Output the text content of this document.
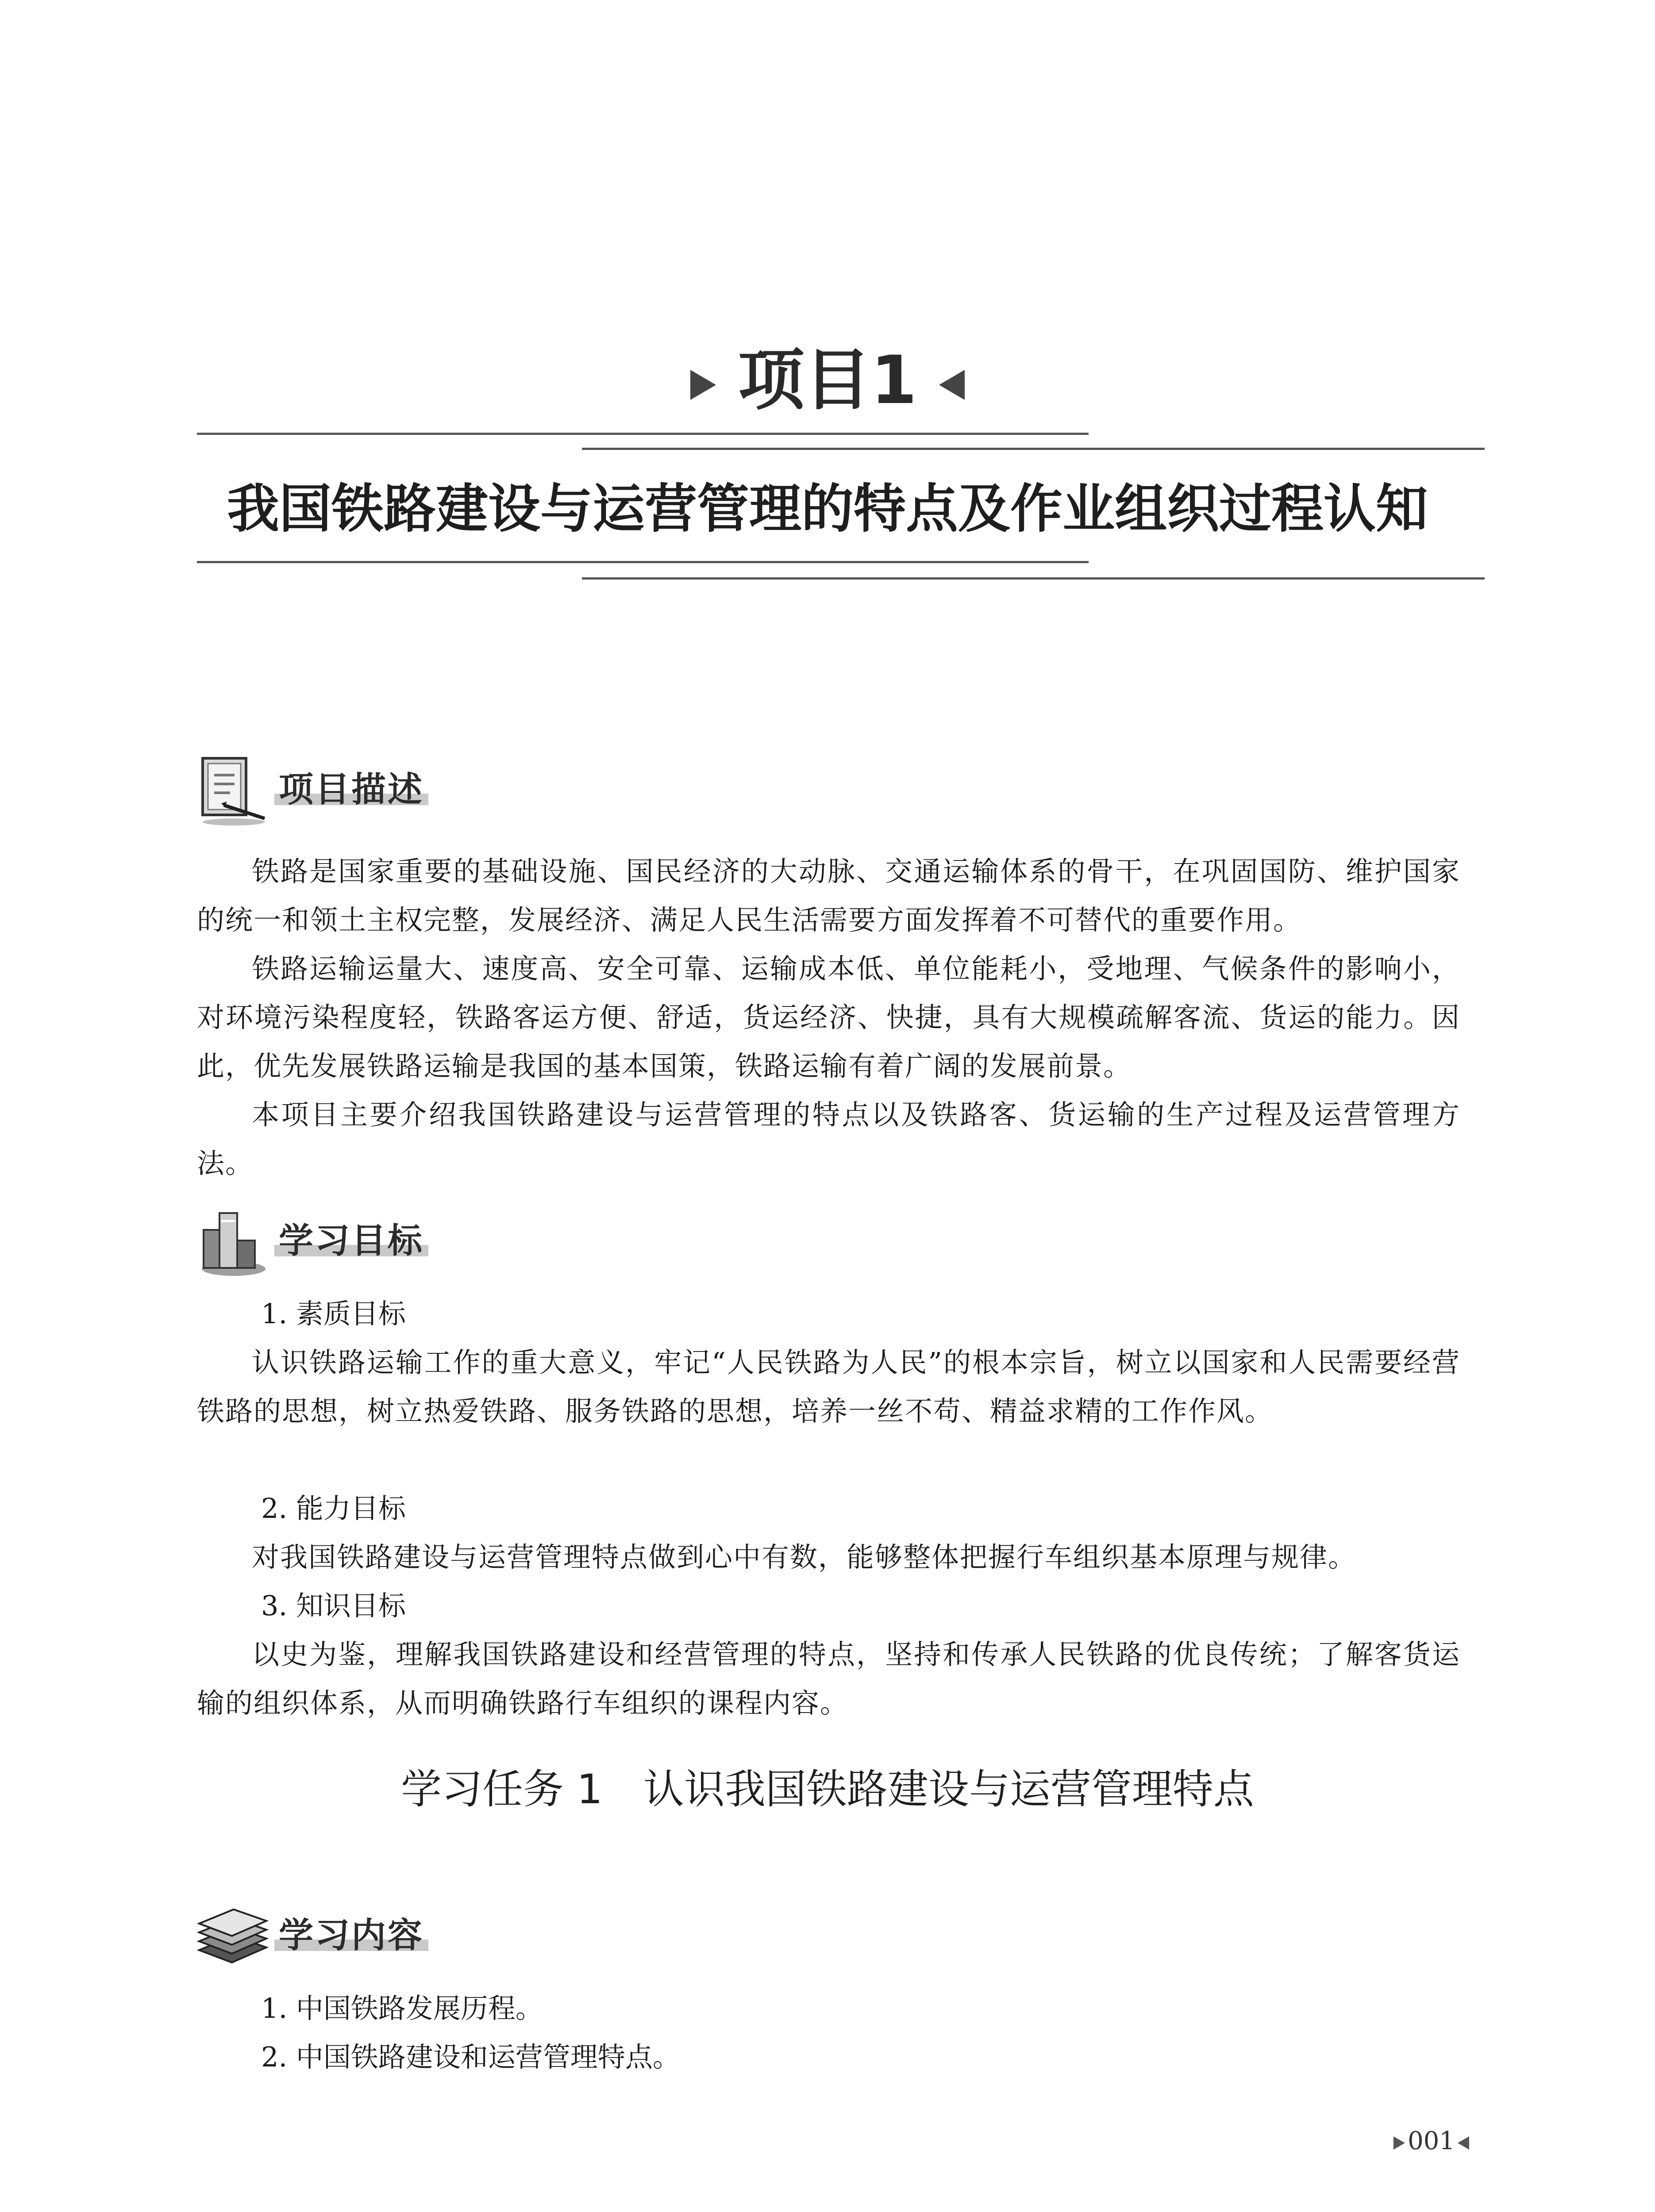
项目1
我国铁路建设与运营管理的特点及作业组织过程认知
项目描述

铁路是国家重要的基础设施、国民经济的大动脉、交通运输体系的骨干，在巩固国防、维护国家的统一和领土主权完整，发展经济、满足人民生活需要方面发挥着不可替代的重要作用。

铁路运输运量大、速度高、安全可靠、运输成本低、单位能耗小，受地理、气候条件的影响小，对环境污染程度轻，铁路客运方便、舒适，货运经济、快捷，具有大规模疏解客流、货运的能力。因此，优先发展铁路运输是我国的基本国策，铁路运输有着广阔的发展前景。

本项目主要介绍我国铁路建设与运营管理的特点以及铁路客、货运输的生产过程及运营管理方法。

学习目标
1. 素质目标

认识铁路运输工作的重大意义，牢记“人民铁路为人民”的根本宗旨，树立以国家和人民需要经营铁路的思想，树立热爱铁路、服务铁路的思想，培养一丝不苟、精益求精的工作作风。

2. 能力目标

对我国铁路建设与运营管理特点做到心中有数，能够整体把握行车组织基本原理与规律。

3. 知识目标

以史为鉴，理解我国铁路建设和经营管理的特点，坚持和传承人民铁路的优良传统；了解客货运输的组织体系，从而明确铁路行车组织的课程内容。

学习任务 1　认识我国铁路建设与运营管理特点
学习内容
1. 中国铁路发展历程。
2. 中国铁路建设和运营管理特点。
001
